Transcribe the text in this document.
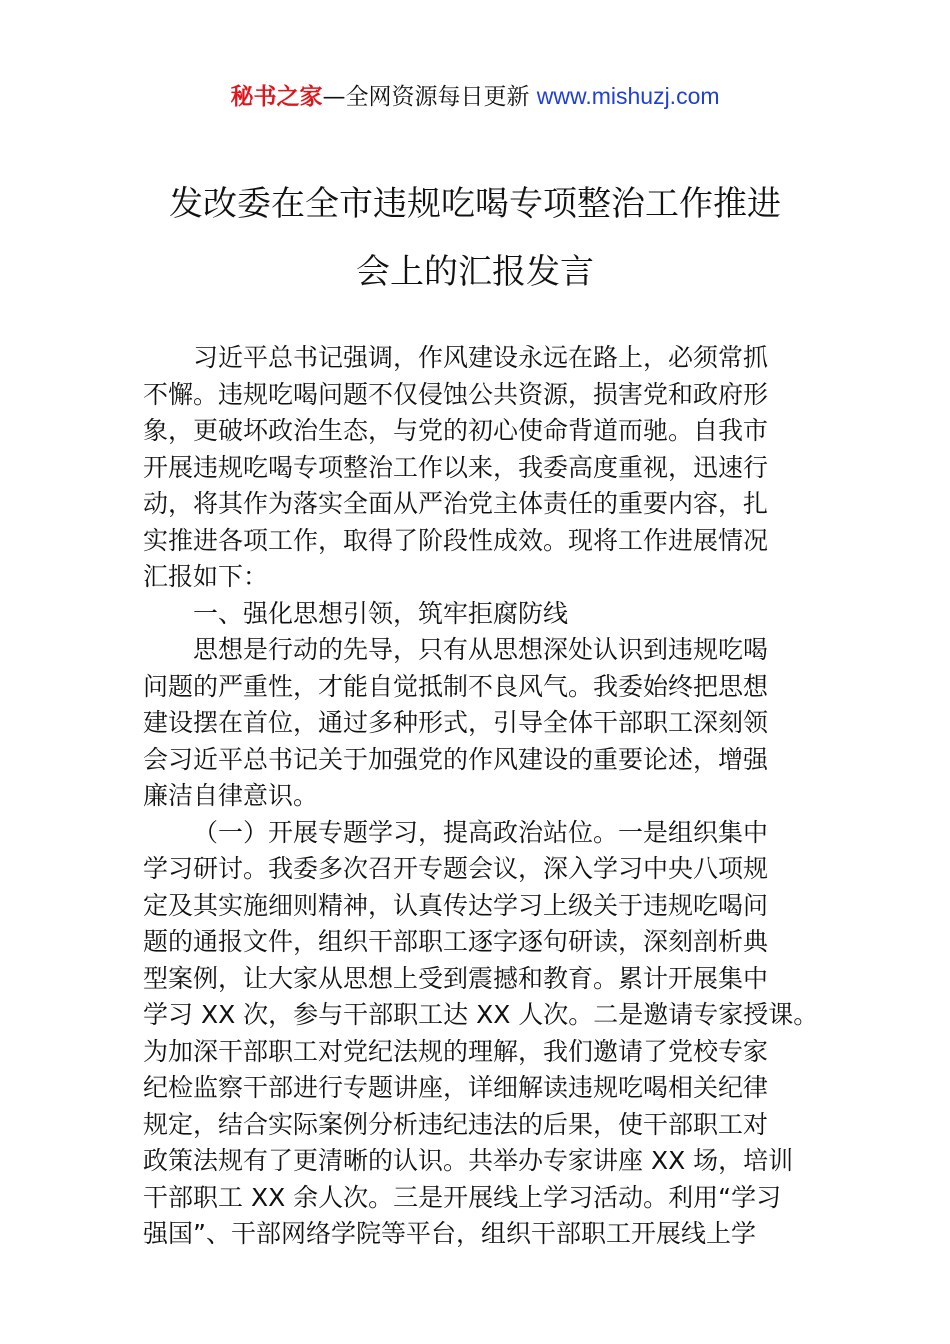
秘书之家—全网资源每日更新 www.mishuzj.com
发改委在全市违规吃喝专项整治工作推进
会上的汇报发言
习近平总书记强调，作风建设永远在路上，必须常抓
不懈。违规吃喝问题不仅侵蚀公共资源，损害党和政府形
象，更破坏政治生态，与党的初心使命背道而驰。自我市
开展违规吃喝专项整治工作以来，我委高度重视，迅速行
动，将其作为落实全面从严治党主体责任的重要内容，扎
实推进各项工作，取得了阶段性成效。现将工作进展情况
汇报如下：
一、强化思想引领，筑牢拒腐防线
思想是行动的先导，只有从思想深处认识到违规吃喝
问题的严重性，才能自觉抵制不良风气。我委始终把思想
建设摆在首位，通过多种形式，引导全体干部职工深刻领
会习近平总书记关于加强党的作风建设的重要论述，增强
廉洁自律意识。
（一）开展专题学习，提高政治站位。一是组织集中
学习研讨。我委多次召开专题会议，深入学习中央八项规
定及其实施细则精神，认真传达学习上级关于违规吃喝问
题的通报文件，组织干部职工逐字逐句研读，深刻剖析典
型案例，让大家从思想上受到震撼和教育。累计开展集中
学习 XX 次，参与干部职工达 XX 人次。二是邀请专家授课。
为加深干部职工对党纪法规的理解，我们邀请了党校专家
纪检监察干部进行专题讲座，详细解读违规吃喝相关纪律
规定，结合实际案例分析违纪违法的后果，使干部职工对
政策法规有了更清晰的认识。共举办专家讲座 XX 场，培训
干部职工 XX 余人次。三是开展线上学习活动。利用“学习
强国”、干部网络学院等平台，组织干部职工开展线上学
